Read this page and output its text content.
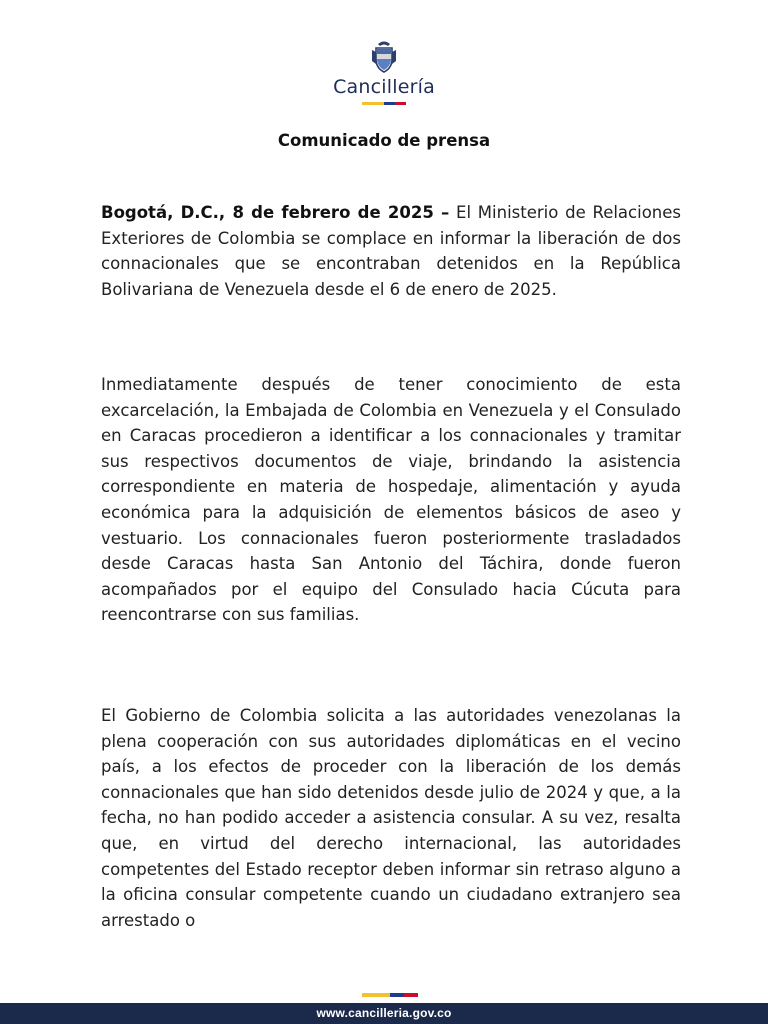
Cancillería
Comunicado de prensa

Bogotá, D.C., 8 de febrero de 2025 – El Ministerio de Relaciones Exteriores de Colombia se complace en informar la liberación de dos connacionales que se encontraban detenidos en la República Bolivariana de Venezuela desde el 6 de enero de 2025.

Inmediatamente después de tener conocimiento de esta excarcelación, la Embajada de Colombia en Venezuela y el Consulado en Caracas procedieron a identificar a los connacionales y tramitar sus respectivos documentos de viaje, brindando la asistencia correspondiente en materia de hospedaje, alimentación y ayuda económica para la adquisición de elementos básicos de aseo y vestuario. Los connacionales fueron posteriormente trasladados desde Caracas hasta San Antonio del Táchira, donde fueron acompañados por el equipo del Consulado hacia Cúcuta para reencontrarse con sus familias.

El Gobierno de Colombia solicita a las autoridades venezolanas la plena cooperación con sus autoridades diplomáticas en el vecino país, a los efectos de proceder con la liberación de los demás connacionales que han sido detenidos desde julio de 2024 y que, a la fecha, no han podido acceder a asistencia consular. A su vez, resalta que, en virtud del derecho internacional, las autoridades competentes del Estado receptor deben informar sin retraso alguno a la oficina consular competente cuando un ciudadano extranjero sea arrestado o

www.cancilleria.gov.co
